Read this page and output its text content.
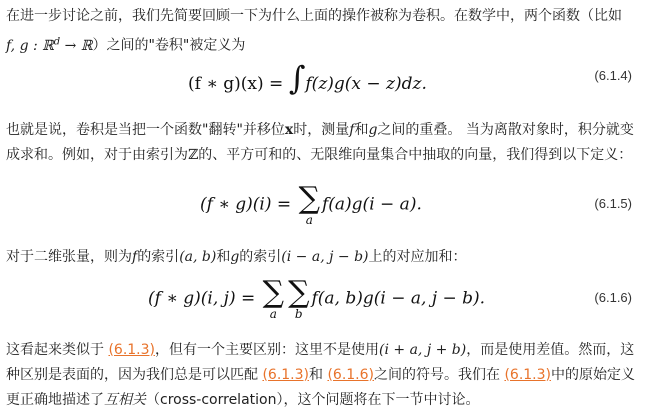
在进一步讨论之前，我们先简要回顾一下为什么上面的操作被称为卷积。在数学中，两个函数（比如f, g : ℝ$^d$ → ℝ）之间的"卷积"被定义为

(f ∗ g)(x) = ∫f(z)g(x − z)dz.	(6.1.4)

也就是说，卷积是当把一个函数"翻转"并移位x时，测量f和g之间的重叠。 当为离散对象时，积分就变成求和。例如，对于由索引为ℤ的、平方可和的、无限维向量集合中抽取的向量，我们得到以下定义：

(f ∗ g)(i) = ∑
a
f(a)g(i − a).	(6.1.5)

对于二维张量，则为f的索引(a, b)和g的索引(i − a, j − b)上的对应加和：

(f ∗ g)(i, j) = ∑
a
∑
b
f(a, b)g(i − a, j − b).	(6.1.6)

这看起来类似于 (6.1.3)，但有一个主要区别：这里不是使用(i + a, j + b)，而是使用差值。然而，这种区别是表面的，因为我们总是可以匹配 (6.1.3)和 (6.1.6)之间的符号。我们在 (6.1.3)中的原始定义更正确地描述了互相关（cross-correlation），这个问题将在下一节中讨论。
